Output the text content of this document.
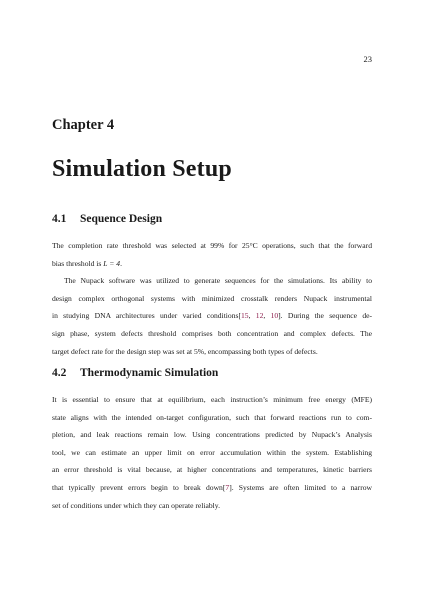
23
Chapter 4
Simulation Setup
4.1 Sequence Design

The completion rate threshold was selected at 99% for 25°C operations, such that the forward
bias threshold is L = 4.

The Nupack software was utilized to generate sequences for the simulations. Its ability to
design complex orthogonal systems with minimized crosstalk renders Nupack instrumental
in studying DNA architectures under varied conditions[15, 12, 10]. During the sequence de-
sign phase, system defects threshold comprises both concentration and complex defects. The
target defect rate for the design step was set at 5%, encompassing both types of defects.

4.2 Thermodynamic Simulation

It is essential to ensure that at equilibrium, each instruction’s minimum free energy (MFE)
state aligns with the intended on-target configuration, such that forward reactions run to com-
pletion, and leak reactions remain low. Using concentrations predicted by Nupack’s Analysis
tool, we can estimate an upper limit on error accumulation within the system. Establishing
an error threshold is vital because, at higher concentrations and temperatures, kinetic barriers
that typically prevent errors begin to break down[7]. Systems are often limited to a narrow
set of conditions under which they can operate reliably.
